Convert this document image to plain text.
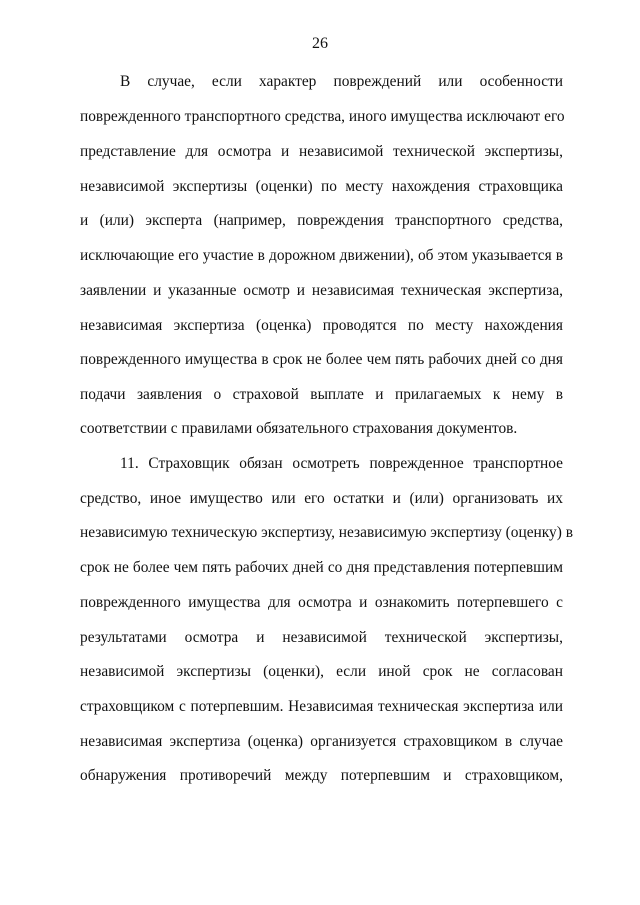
26
В случае, если характер повреждений или особенности
поврежденного транспортного средства, иного имущества исключают его
представление для осмотра и независимой технической экспертизы,
независимой экспертизы (оценки) по месту нахождения страховщика
и (или) эксперта (например, повреждения транспортного средства,
исключающие его участие в дорожном движении), об этом указывается в
заявлении и указанные осмотр и независимая техническая экспертиза,
независимая экспертиза (оценка) проводятся по месту нахождения
поврежденного имущества в срок не более чем пять рабочих дней со дня
подачи заявления о страховой выплате и прилагаемых к нему в
соответствии с правилами обязательного страхования документов.
11. Страховщик обязан осмотреть поврежденное транспортное
средство, иное имущество или его остатки и (или) организовать их
независимую техническую экспертизу, независимую экспертизу (оценку) в
срок не более чем пять рабочих дней со дня представления потерпевшим
поврежденного имущества для осмотра и ознакомить потерпевшего с
результатами осмотра и независимой технической экспертизы,
независимой экспертизы (оценки), если иной срок не согласован
страховщиком с потерпевшим. Независимая техническая экспертиза или
независимая экспертиза (оценка) организуется страховщиком в случае
обнаружения противоречий между потерпевшим и страховщиком,
